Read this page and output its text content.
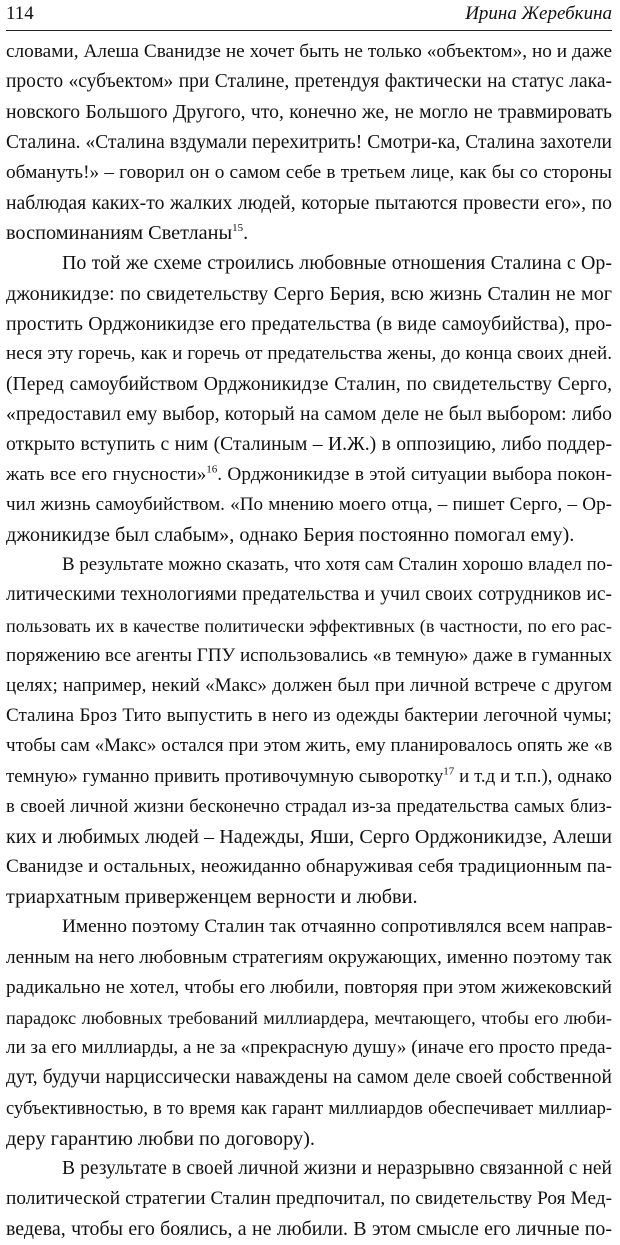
114	Ирина Жеребкина
словами, Алеша Сванидзе не хочет быть не только «объектом», но и даже
просто «субъектом» при Сталине, претендуя фактически на статус лака-
новского Большого Другого, что, конечно же, не могло не травмировать
Сталина. «Сталина вздумали перехитрить! Смотри-ка, Сталина захотели
обмануть!» – говорил он о самом себе в третьем лице, как бы со стороны
наблюдая каких-то жалких людей, которые пытаются провести его», по
воспоминаниям Светланы$^{15}$.
По той же схеме строились любовные отношения Сталина с Ор-
джоникидзе: по свидетельству Серго Берия, всю жизнь Сталин не мог
простить Орджоникидзе его предательства (в виде самоубийства), про-
неся эту горечь, как и горечь от предательства жены, до конца своих дней.
(Перед самоубийством Орджоникидзе Сталин, по свидетельству Серго,
«предоставил ему выбор, который на самом деле не был выбором: либо
открыто вступить с ним (Сталиным – И.Ж.) в оппозицию, либо поддер-
жать все его гнусности»$^{16}$. Орджоникидзе в этой ситуации выбора покон-
чил жизнь самоубийством. «По мнению моего отца, – пишет Серго, – Ор-
джоникидзе был слабым», однако Берия постоянно помогал ему).
В результате можно сказать, что хотя сам Сталин хорошо владел по-
литическими технологиями предательства и учил своих сотрудников ис-
пользовать их в качестве политически эффективных (в частности, по его рас-
поряжению все агенты ГПУ использовались «в темную» даже в гуманных
целях; например, некий «Макс» должен был при личной встрече с другом
Сталина Броз Тито выпустить в него из одежды бактерии легочной чумы;
чтобы сам «Макс» остался при этом жить, ему планировалось опять же «в
темную» гуманно привить противочумную сыворотку$^{17}$ и т.д и т.п.), однако
в своей личной жизни бесконечно страдал из-за предательства самых близ-
ких и любимых людей – Надежды, Яши, Серго Орджоникидзе, Алеши
Сванидзе и остальных, неожиданно обнаруживая себя традиционным па-
триархатным приверженцем верности и любви.
Именно поэтому Сталин так отчаянно сопротивлялся всем направ-
ленным на него любовным стратегиям окружающих, именно поэтому так
радикально не хотел, чтобы его любили, повторяя при этом жижековский
парадокс любовных требований миллиардера, мечтающего, чтобы его люби-
ли за его миллиарды, а не за «прекрасную душу» (иначе его просто преда-
дут, будучи нарциссически наваждены на самом деле своей собственной
субъективностью, в то время как гарант миллиардов обеспечивает миллиар-
дерy гарантию любви по договору).
В результате в своей личной жизни и неразрывно связанной с ней
политической стратегии Сталин предпочитал, по свидетельству Роя Мед-
ведева, чтобы его боялись, а не любили. В этом смысле его личные по-
